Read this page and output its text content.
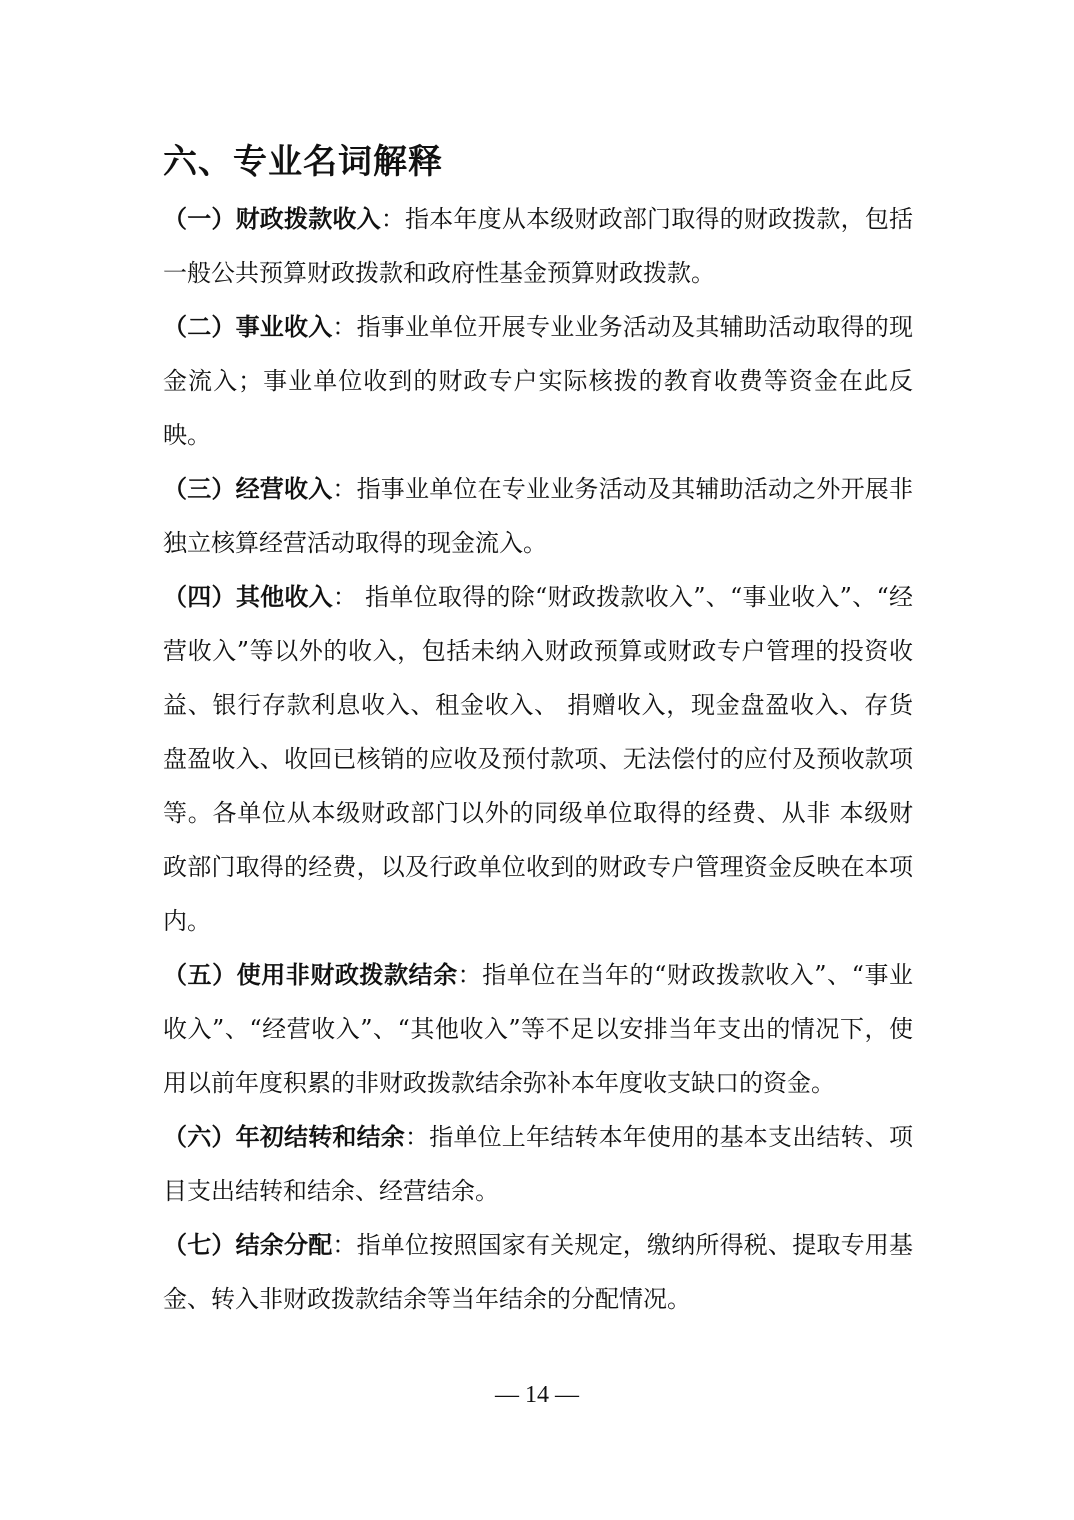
六、专业名词解释

（一）财政拨款收入：指本年度从本级财政部门取得的财政拨款，包括一般公共预算财政拨款和政府性基金预算财政拨款。

（二）事业收入：指事业单位开展专业业务活动及其辅助活动取得的现金流入；事业单位收到的财政专户实际核拨的教育收费等资金在此反映。

（三）经营收入：指事业单位在专业业务活动及其辅助活动之外开展非独立核算经营活动取得的现金流入。

（四）其他收入： 指单位取得的除“财政拨款收入”、“事业收入”、“经营收入”等以外的收入，包括未纳入财政预算或财政专户管理的投资收益、银行存款利息收入、租金收入、 捐赠收入，现金盘盈收入、存货盘盈收入、收回已核销的应收及预付款项、无法偿付的应付及预收款项等。各单位从本级财政部门以外的同级单位取得的经费、从非 本级财政部门取得的经费，以及行政单位收到的财政专户管理资金反映在本项内。

（五）使用非财政拨款结余：指单位在当年的“财政拨款收入”、“事业收入”、“经营收入”、“其他收入”等不足以安排当年支出的情况下，使用以前年度积累的非财政拨款结余弥补本年度收支缺口的资金。

（六）年初结转和结余：指单位上年结转本年使用的基本支出结转、项目支出结转和结余、经营结余。

（七）结余分配：指单位按照国家有关规定，缴纳所得税、提取专用基金、转入非财政拨款结余等当年结余的分配情况。

— 14 —
